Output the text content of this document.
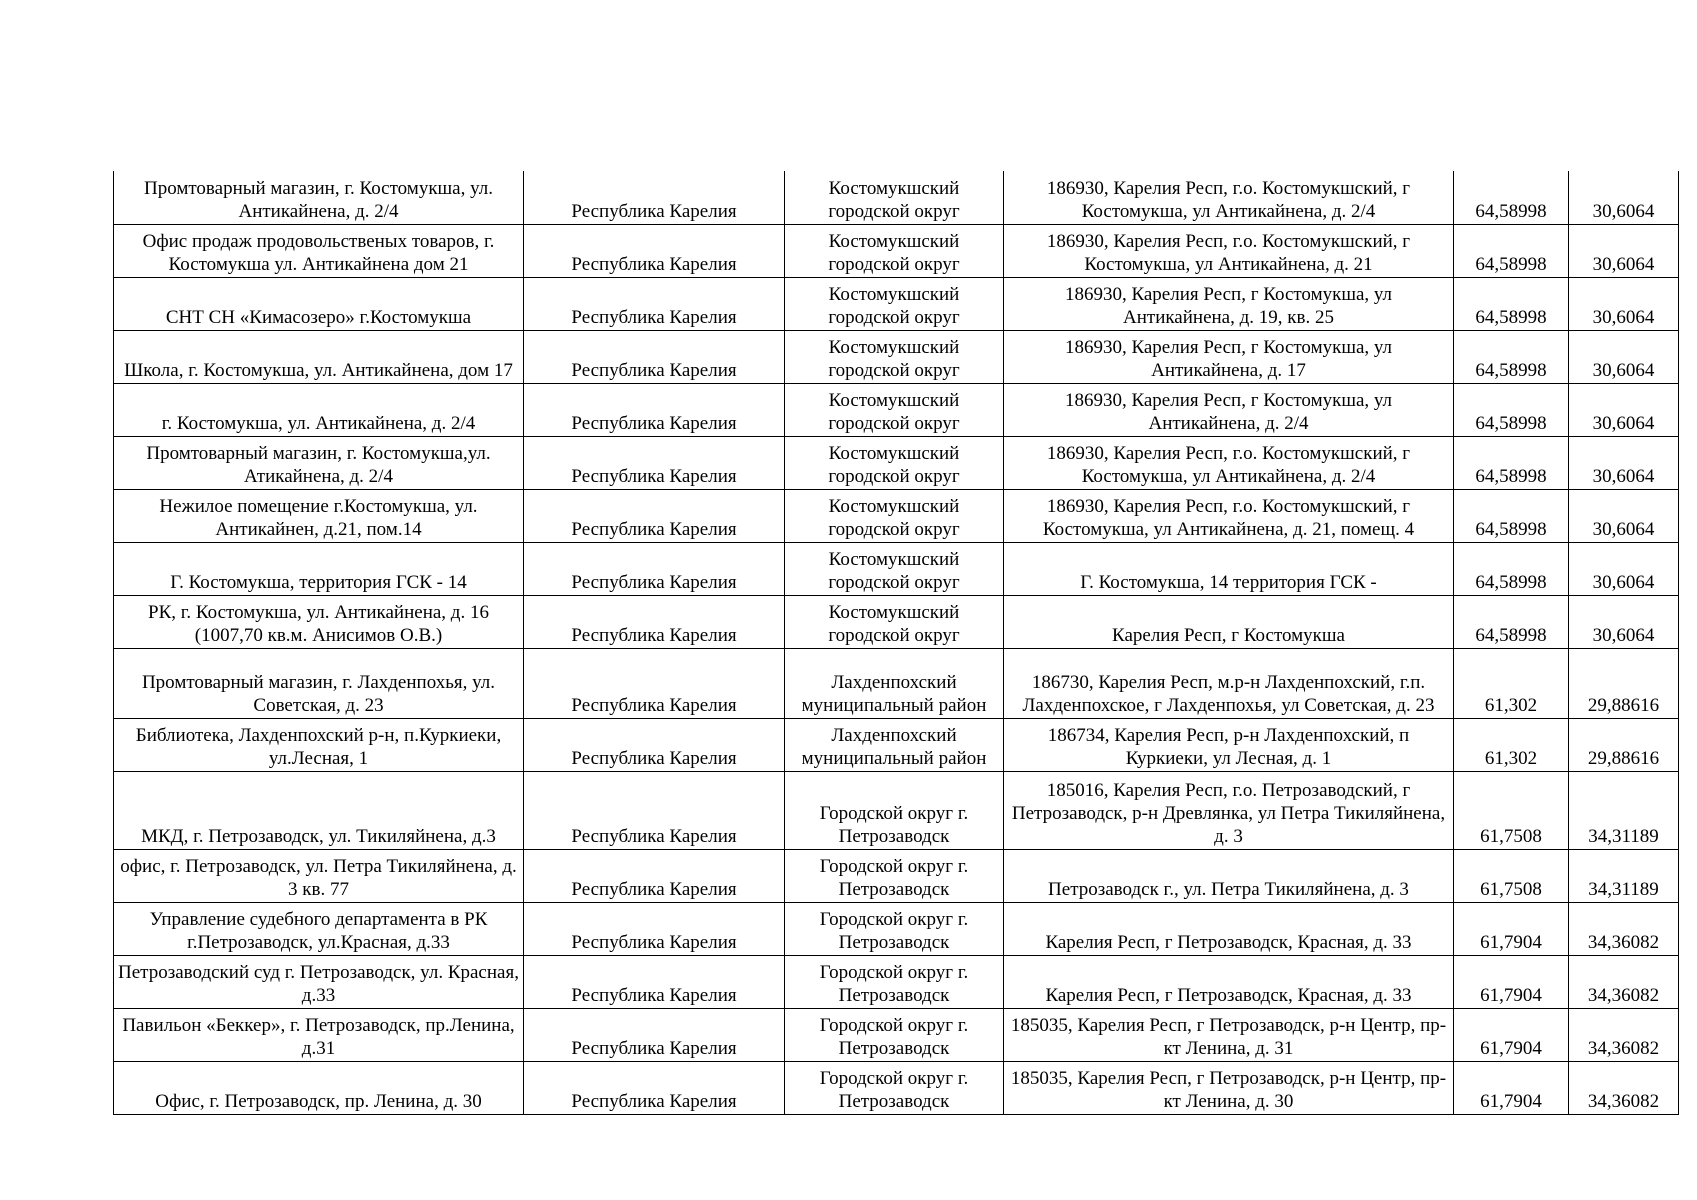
Промтоварный магазин, г. Костомукша, ул. Антикайнена, д. 2/4	Республика Карелия	Костомукшский городской округ	186930, Карелия Респ, г.о. Костомукшский, г Костомукша, ул Антикайнена, д. 2/4	64,58998	30,6064
Офис продаж продовольственых товаров, г. Костомукша ул. Антикайнена дом 21	Республика Карелия	Костомукшский городской округ	186930, Карелия Респ, г.о. Костомукшский, г Костомукша, ул Антикайнена, д. 21	64,58998	30,6064
СНТ СН «Кимасозеро» г.Костомукша	Республика Карелия	Костомукшский городской округ	186930, Карелия Респ, г Костомукша, ул Антикайнена, д. 19, кв. 25	64,58998	30,6064
Школа, г. Костомукша, ул. Антикайнена, дом 17	Республика Карелия	Костомукшский городской округ	186930, Карелия Респ, г Костомукша, ул Антикайнена, д. 17	64,58998	30,6064
г. Костомукша, ул. Антикайнена, д. 2/4	Республика Карелия	Костомукшский городской округ	186930, Карелия Респ, г Костомукша, ул Антикайнена, д. 2/4	64,58998	30,6064
Промтоварный магазин, г. Костомукша,ул. Атикайнена, д. 2/4	Республика Карелия	Костомукшский городской округ	186930, Карелия Респ, г.о. Костомукшский, г Костомукша, ул Антикайнена, д. 2/4	64,58998	30,6064
Нежилое помещение г.Костомукша, ул. Антикайнен, д.21, пом.14	Республика Карелия	Костомукшский городской округ	186930, Карелия Респ, г.о. Костомукшский, г Костомукша, ул Антикайнена, д. 21, помещ. 4	64,58998	30,6064
Г. Костомукша, территория ГСК - 14	Республика Карелия	Костомукшский городской округ	Г. Костомукша, 14 территория ГСК -	64,58998	30,6064
РК, г. Костомукша, ул. Антикайнена, д. 16 (1007,70 кв.м. Анисимов О.В.)	Республика Карелия	Костомукшский городской округ	Карелия Респ, г Костомукша	64,58998	30,6064
Промтоварный магазин, г. Лахденпохья, ул. Советская, д. 23	Республика Карелия	Лахденпохский муниципальный район	186730, Карелия Респ, м.р-н Лахденпохский, г.п. Лахденпохское, г Лахденпохья, ул Советская, д. 23	61,302	29,88616
Библиотека, Лахденпохский р-н, п.Куркиеки, ул.Лесная, 1	Республика Карелия	Лахденпохский муниципальный район	186734, Карелия Респ, р-н Лахденпохский, п Куркиеки, ул Лесная, д. 1	61,302	29,88616
МКД, г. Петрозаводск, ул. Тикиляйнена, д.3	Республика Карелия	Городской округ г. Петрозаводск	185016, Карелия Респ, г.о. Петрозаводский, г Петрозаводск, р-н Древлянка, ул Петра Тикиляйнена, д. 3	61,7508	34,31189
офис, г. Петрозаводск, ул. Петра Тикиляйнена, д. 3 кв. 77	Республика Карелия	Городской округ г. Петрозаводск	Петрозаводск г., ул. Петра Тикиляйнена, д. 3	61,7508	34,31189
Управление судебного департамента в РК г.Петрозаводск, ул.Красная, д.33	Республика Карелия	Городской округ г. Петрозаводск	Карелия Респ, г Петрозаводск, Красная, д. 33	61,7904	34,36082
Петрозаводский суд г. Петрозаводск, ул. Красная, д.33	Республика Карелия	Городской округ г. Петрозаводск	Карелия Респ, г Петрозаводск, Красная, д. 33	61,7904	34,36082
Павильон «Беккер», г. Петрозаводск, пр.Ленина, д.31	Республика Карелия	Городской округ г. Петрозаводск	185035, Карелия Респ, г Петрозаводск, р-н Центр, пр-кт Ленина, д. 31	61,7904	34,36082
Офис, г. Петрозаводск, пр. Ленина, д. 30	Республика Карелия	Городской округ г. Петрозаводск	185035, Карелия Респ, г Петрозаводск, р-н Центр, пр-кт Ленина, д. 30	61,7904	34,36082
